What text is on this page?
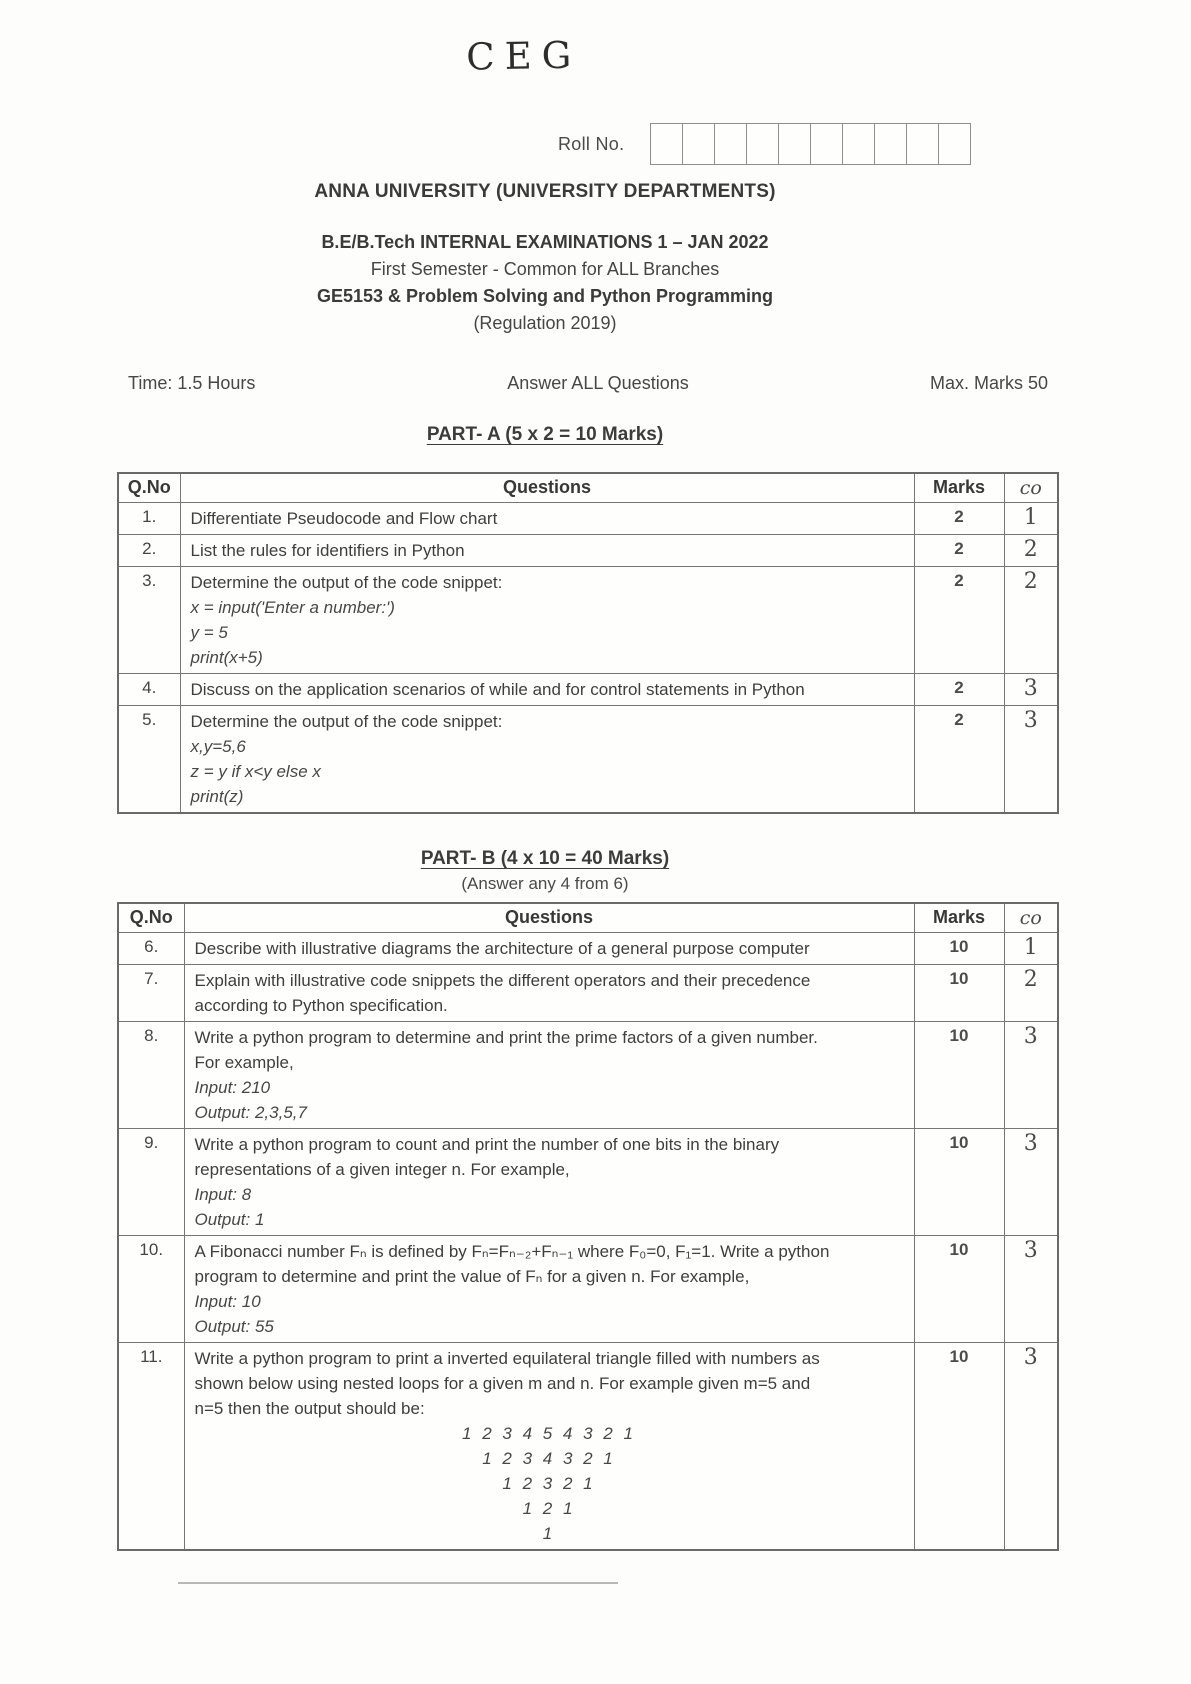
CEG
Roll No.
ANNA UNIVERSITY (UNIVERSITY DEPARTMENTS)
B.E/B.Tech INTERNAL EXAMINATIONS 1 – JAN 2022
First Semester - Common for ALL Branches
GE5153 & Problem Solving and Python Programming
(Regulation 2019)
Time: 1.5 Hours	Answer ALL Questions	Max. Marks 50
PART- A (5 x 2 = 10 Marks)
Q.No	Questions	Marks	co
1.	Differentiate Pseudocode and Flow chart	2	1
2.	List the rules for identifiers in Python	2	2
3.	Determine the output of the code snippet:
x = input('Enter a number:')
y = 5
print(x+5)	2	2
4.	Discuss on the application scenarios of while and for control statements in Python	2	3
5.	Determine the output of the code snippet:
x,y=5,6
z = y if x<y else x
print(z)	2	3
PART- B (4 x 10 = 40 Marks)
(Answer any 4 from 6)
Q.No	Questions	Marks	co
6.	Describe with illustrative diagrams the architecture of a general purpose computer	10	1
7.	Explain with illustrative code snippets the different operators and their precedence
according to Python specification.	10	2
8.	Write a python program to determine and print the prime factors of a given number.
For example,
Input: 210
Output: 2,3,5,7	10	3
9.	Write a python program to count and print the number of one bits in the binary
representations of a given integer n. For example,
Input: 8
Output: 1	10	3
10.	A Fibonacci number Fₙ is defined by Fₙ=Fₙ₋₂+Fₙ₋₁ where F₀=0, F₁=1. Write a python
program to determine and print the value of Fₙ for a given n. For example,
Input: 10
Output: 55	10	3
11.	Write a python program to print a inverted equilateral triangle filled with numbers as
shown below using nested loops for a given m and n. For example given m=5 and
n=5 then the output should be:
1 2 3 4 5 4 3 2 1
1 2 3 4 3 2 1
1 2 3 2 1
1 2 1
1
	10	3
